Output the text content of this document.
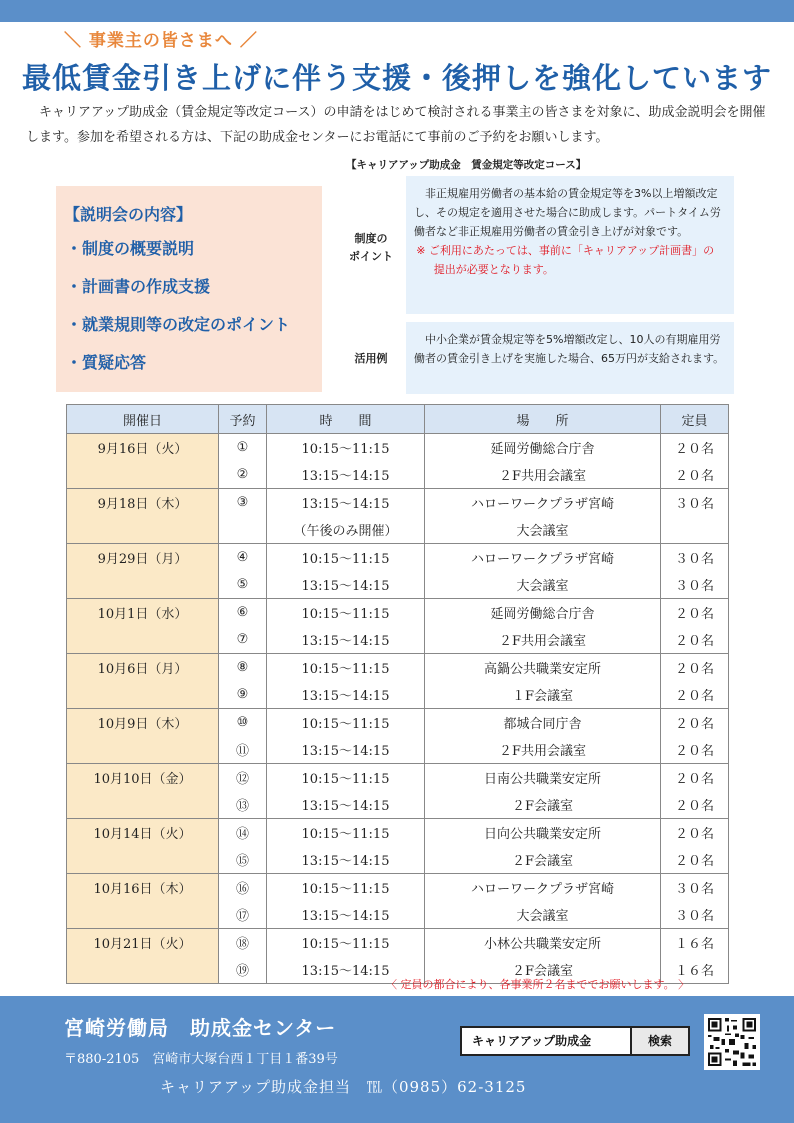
＼ 事業主の皆さまへ ／
最低賃金引き上げに伴う支援・後押しを強化しています
キャリアアップ助成金（賃金規定等改定コース）の申請をはじめて検討される事業主の皆さまを対象に、助成金説明会を開催します。参加を希望される方は、下記の助成金センターにお電話にて事前のご予約をお願いします。
【キャリアアップ助成金　賃金規定等改定コース】
【説明会の内容】
・制度の概要説明
・計画書の作成支援
・就業規則等の改定のポイント
・質疑応答
制度の
ポイント
非正規雇用労働者の基本給の賃金規定等を3%以上増額改定し、その規定を適用させた場合に助成します。パートタイム労働者など非正規雇用労働者の賃金引き上げが対象です。
※ ご利用にあたっては、事前に「キャリアアップ計画書」の
提出が必要となります。
活用例
中小企業が賃金規定等を5%増額改定し、10人の有期雇用労働者の賃金引き上げを実施した場合、65万円が支給されます。
開催日	予約	時　　間	場　　所	定員
9月16日（火）	①	10:15～11:15	延岡労働総合庁舎	２０名
	②	13:15～14:15	２F共用会議室	２０名
9月18日（木）	③	13:15～14:15	ハローワークプラザ宮崎	３０名
		（午後のみ開催）	大会議室	
9月29日（月）	④	10:15～11:15	ハローワークプラザ宮崎	３０名
	⑤	13:15～14:15	大会議室	３０名
10月1日（水）	⑥	10:15～11:15	延岡労働総合庁舎	２０名
	⑦	13:15～14:15	２F共用会議室	２０名
10月6日（月）	⑧	10:15～11:15	高鍋公共職業安定所	２０名
	⑨	13:15～14:15	１F会議室	２０名
10月9日（木）	⑩	10:15～11:15	都城合同庁舎	２０名
	⑪	13:15～14:15	２F共用会議室	２０名
10月10日（金）	⑫	10:15～11:15	日南公共職業安定所	２０名
	⑬	13:15～14:15	２F会議室	２０名
10月14日（火）	⑭	10:15～11:15	日向公共職業安定所	２０名
	⑮	13:15～14:15	２F会議室	２０名
10月16日（木）	⑯	10:15～11:15	ハローワークプラザ宮崎	３０名
	⑰	13:15～14:15	大会議室	３０名
10月21日（火）	⑱	10:15～11:15	小林公共職業安定所	１６名
	⑲	13:15～14:15	２F会議室	１６名
〈 定員の都合により、各事業所２名まででお願いします。 〉
宮崎労働局　助成金センター
〒880-2105　宮崎市大塚台西１丁目１番39号
キャリアアップ助成金担当　℡（0985）62-3125
キャリアアップ助成金	検索
